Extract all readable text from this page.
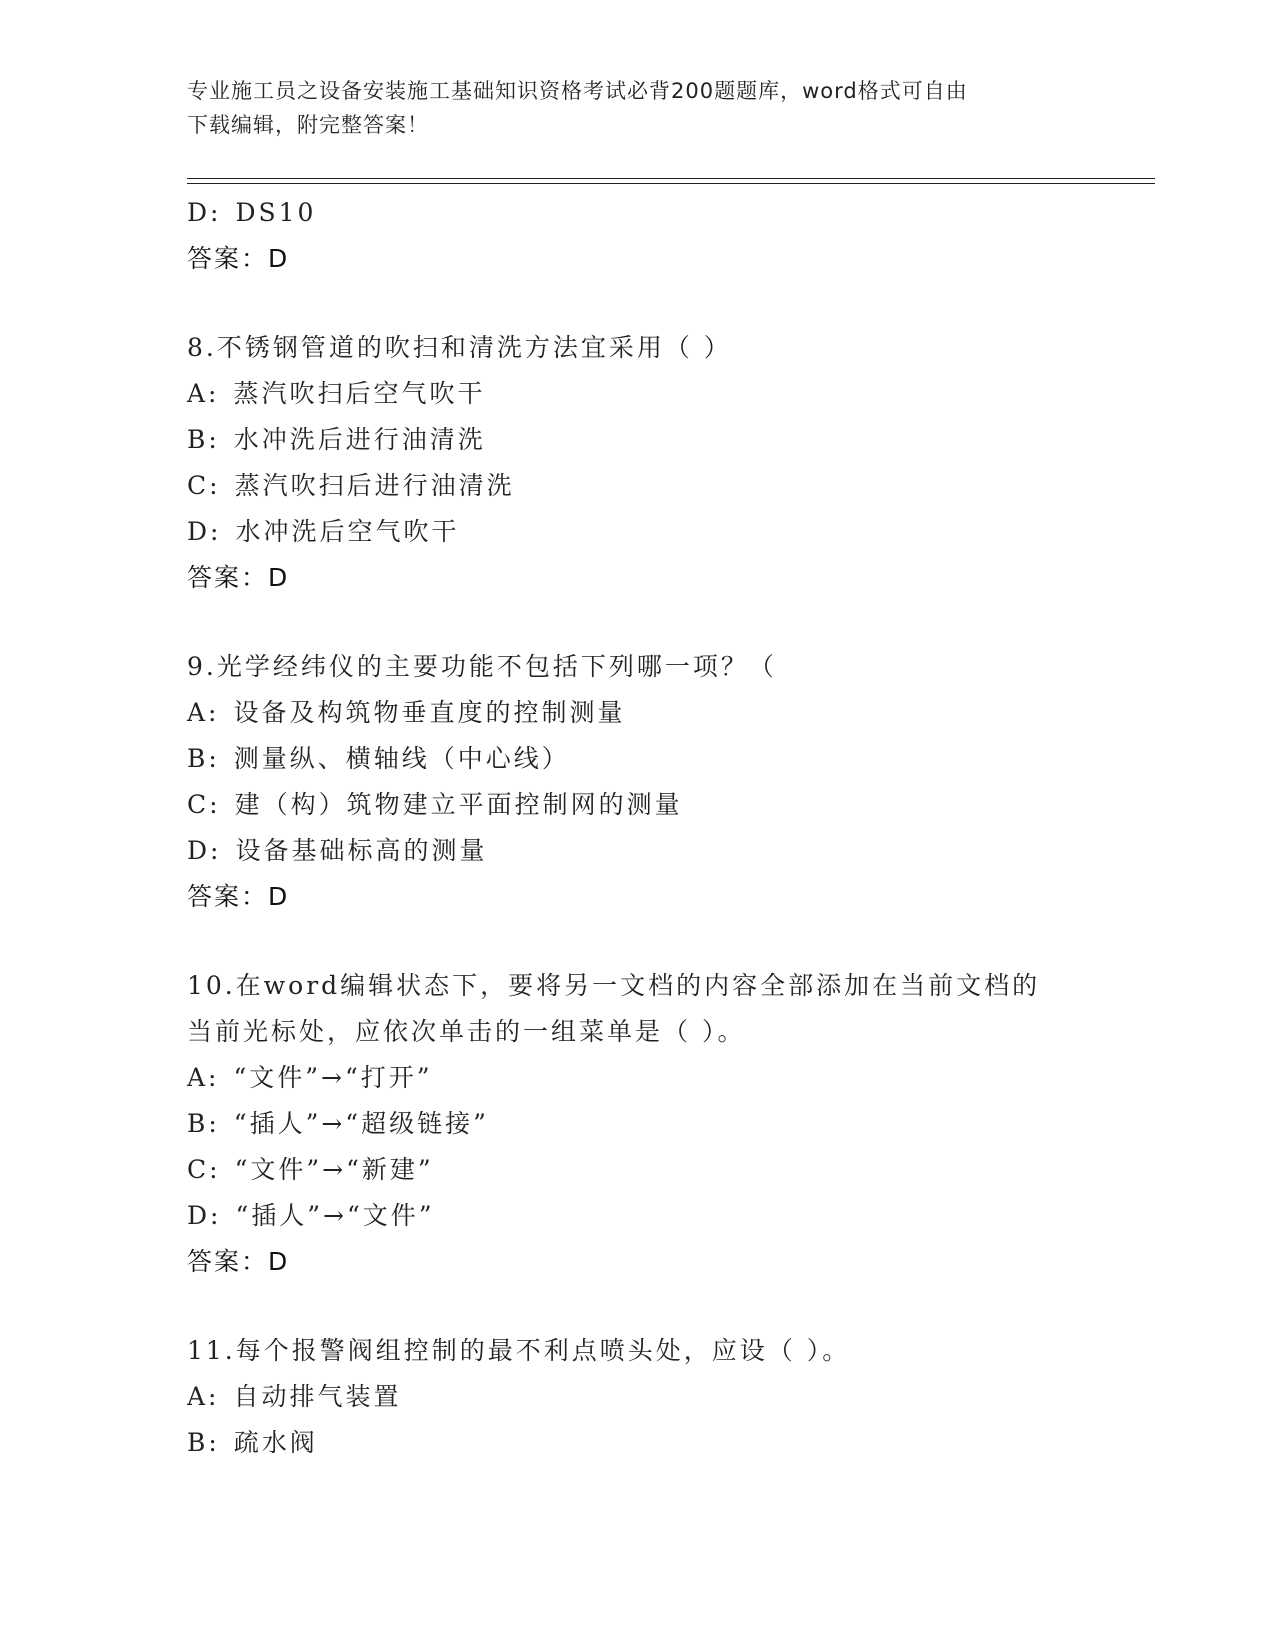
专业施工员之设备安装施工基础知识资格考试必背200题题库，word格式可自由
下载编辑，附完整答案！
D: DS10
答案：D
8.不锈钢管道的吹扫和清洗方法宜采用（ ）
A: 蒸汽吹扫后空气吹干
B: 水冲洗后进行油清洗
C: 蒸汽吹扫后进行油清洗
D: 水冲洗后空气吹干
答案：D
9.光学经纬仪的主要功能不包括下列哪一项？（
A: 设备及构筑物垂直度的控制测量
B: 测量纵、横轴线（中心线）
C: 建（构）筑物建立平面控制网的测量
D: 设备基础标高的测量
答案：D
10.在word编辑状态下，要将另一文档的内容全部添加在当前文档的
当前光标处，应依次单击的一组菜单是（ ）。
A: “文件”→“打开”
B: “插人”→“超级链接”
C: “文件”→“新建”
D: “插人”→“文件”
答案：D
11.每个报警阀组控制的最不利点喷头处，应设（ ）。
A: 自动排气装置
B: 疏水阀
